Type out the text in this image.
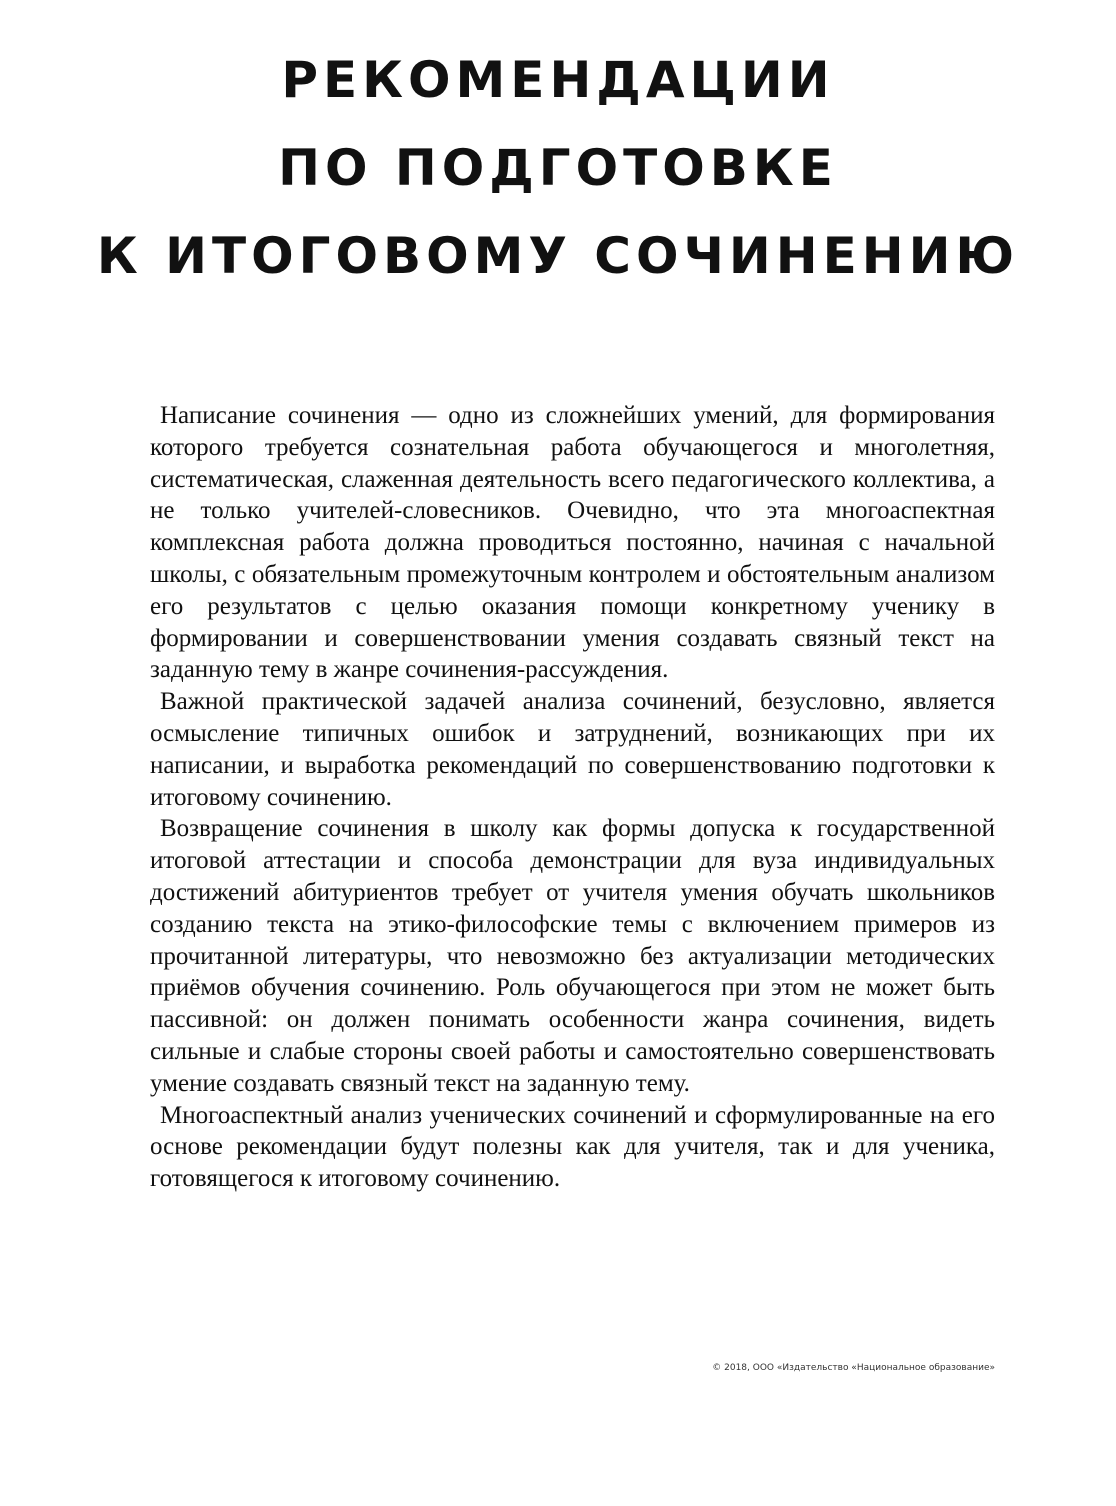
РЕКОМЕНДАЦИИ
ПО ПОДГОТОВКЕ
К ИТОГОВОМУ СОЧИНЕНИЮ

Написание сочинения — одно из сложнейших умений, для формирования которого требуется сознательная работа обучающегося и многолетняя, систематическая, слаженная деятельность всего педагогического коллектива, а не только учителей-словесников. Очевидно, что эта многоаспектная комплексная работа должна проводиться постоянно, начиная с начальной школы, с обязательным промежуточным контролем и обстоятельным анализом его результатов с целью оказания помощи конкретному ученику в формировании и совершенствовании умения создавать связный текст на заданную тему в жанре сочинения-рассуждения.

Важной практической задачей анализа сочинений, безусловно, является осмысление типичных ошибок и затруднений, возникающих при их написании, и выработка рекомендаций по совершенствованию подготовки к итоговому сочинению.

Возвращение сочинения в школу как формы допуска к государственной итоговой аттестации и способа демонстрации для вуза индивидуальных достижений абитуриентов требует от учителя умения обучать школьников созданию текста на этико-философские темы с включением примеров из прочитанной литературы, что невозможно без актуализации методических приёмов обучения сочинению. Роль обучающегося при этом не может быть пассивной: он должен понимать особенности жанра сочинения, видеть сильные и слабые стороны своей работы и самостоятельно совершенствовать умение создавать связный текст на заданную тему.

Многоаспектный анализ ученических сочинений и сформулированные на его основе рекомендации будут полезны как для учителя, так и для ученика, готовящегося к итоговому сочинению.

© 2018, ООО «Издательство «Национальное образование»
